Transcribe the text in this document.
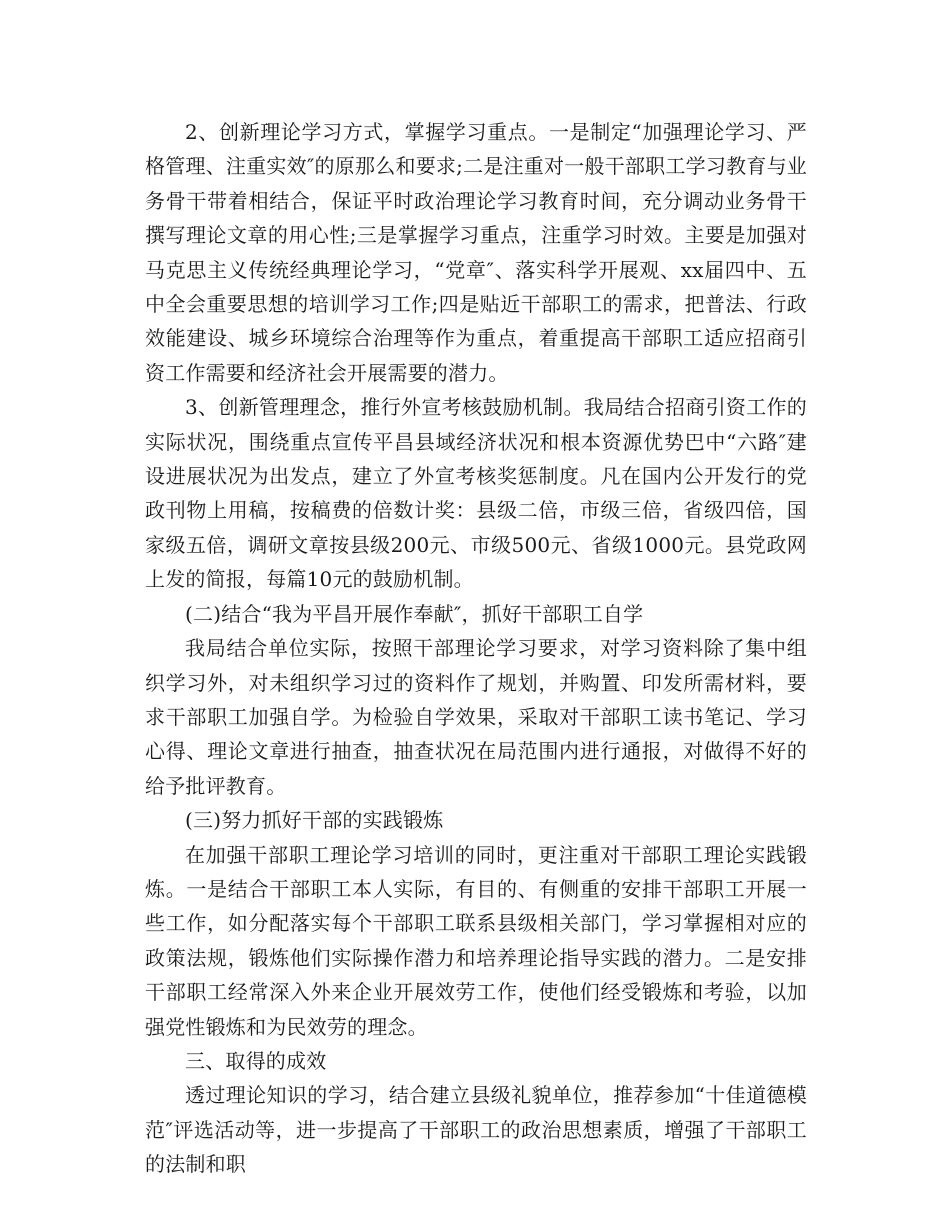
2、创新理论学习方式，掌握学习重点。一是制定“加强理论学习、严格管理、注重实效″的原那么和要求;二是注重对一般干部职工学习教育与业务骨干带着相结合，保证平时政治理论学习教育时间，充分调动业务骨干撰写理论文章的用心性;三是掌握学习重点，注重学习时效。主要是加强对马克思主义传统经典理论学习，“党章″、落实科学开展观、xx届四中、五中全会重要思想的培训学习工作;四是贴近干部职工的需求，把普法、行政效能建设、城乡环境综合治理等作为重点，着重提高干部职工适应招商引资工作需要和经济社会开展需要的潜力。

3、创新管理理念，推行外宣考核鼓励机制。我局结合招商引资工作的实际状况，围绕重点宣传平昌县域经济状况和根本资源优势巴中“六路″建设进展状况为出发点，建立了外宣考核奖惩制度。凡在国内公开发行的党政刊物上用稿，按稿费的倍数计奖：县级二倍，市级三倍，省级四倍，国家级五倍，调研文章按县级200元、市级500元、省级1000元。县党政网上发的简报，每篇10元的鼓励机制。

(二)结合“我为平昌开展作奉献″，抓好干部职工自学

我局结合单位实际，按照干部理论学习要求，对学习资料除了集中组织学习外，对未组织学习过的资料作了规划，并购置、印发所需材料，要求干部职工加强自学。为检验自学效果，采取对干部职工读书笔记、学习心得、理论文章进行抽查，抽查状况在局范围内进行通报，对做得不好的给予批评教育。

(三)努力抓好干部的实践锻炼

在加强干部职工理论学习培训的同时，更注重对干部职工理论实践锻炼。一是结合干部职工本人实际，有目的、有侧重的安排干部职工开展一些工作，如分配落实每个干部职工联系县级相关部门，学习掌握相对应的政策法规，锻炼他们实际操作潜力和培养理论指导实践的潜力。二是安排干部职工经常深入外来企业开展效劳工作，使他们经受锻炼和考验，以加强党性锻炼和为民效劳的理念。

三、取得的成效

透过理论知识的学习，结合建立县级礼貌单位，推荐参加“十佳道德模范″评选活动等，进一步提高了干部职工的政治思想素质，增强了干部职工的法制和职
